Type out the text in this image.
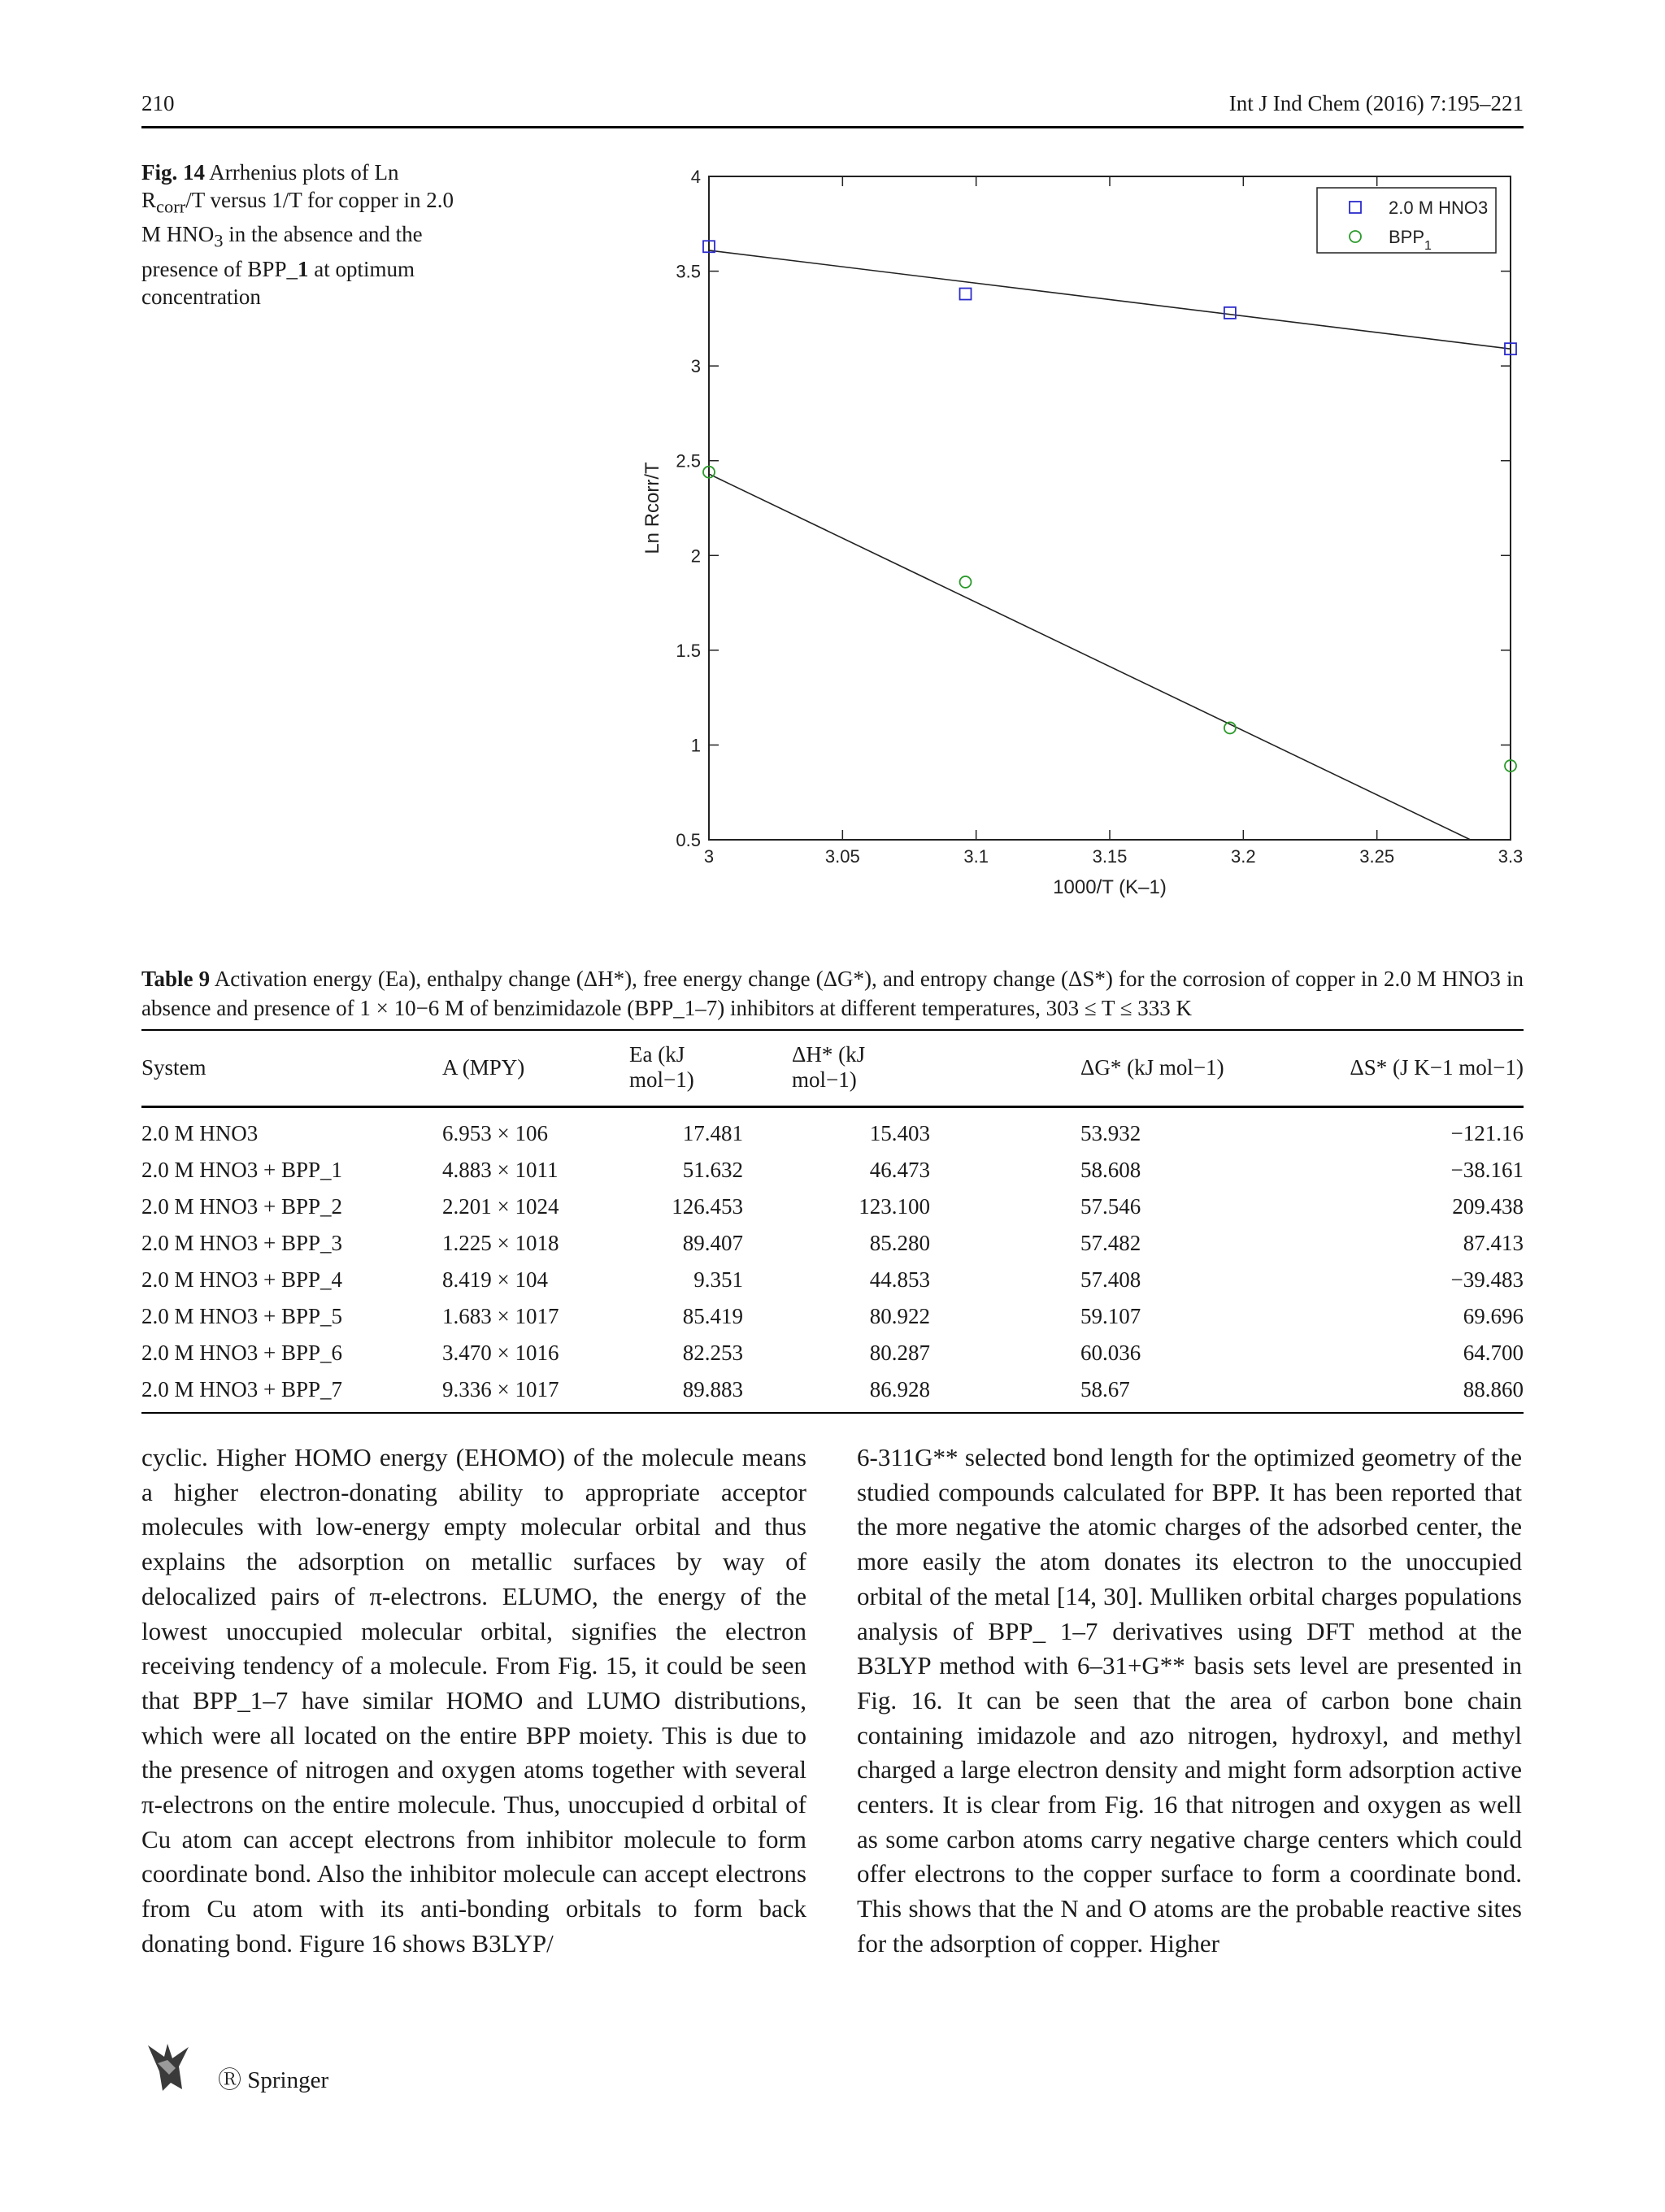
210	Int J Ind Chem (2016) 7:195–221
Fig. 14 Arrhenius plots of Ln $R_{corr}/T$ versus 1/T for copper in 2.0 M $HNO_3$ in the absence and the presence of BPP_1 at optimum concentration
3	3.05	3.1	3.15	3.2	3.25	3.3
0.5
1
1.5
2
2.5
3
3.5
4
1000/T (K–1)
Ln Rcorr/T
2.0 M HNO3
$BPP_1$
Table 9 Activation energy (Ea), enthalpy change (ΔH*), free energy change (ΔG*), and entropy change (ΔS*) for the corrosion of copper in 2.0 M HNO3 in absence and presence of 1 × 10−6 M of benzimidazole (BPP_1–7) inhibitors at different temperatures, 303 ≤ T ≤ 333 K
System	A (MPY)	Ea (kJ mol−1)		ΔH* (kJ mol−1)		ΔG* (kJ mol−1)	ΔS* (J K−1 mol−1)
2.0 M HNO3	6.953 × 106	17.481		15.403		53.932	−121.16
2.0 M HNO3 + BPP_1	4.883 × 1011	51.632		46.473		58.608	−38.161
2.0 M HNO3 + BPP_2	2.201 × 1024	126.453		123.100		57.546	209.438
2.0 M HNO3 + BPP_3	1.225 × 1018	89.407		85.280		57.482	87.413
2.0 M HNO3 + BPP_4	8.419 × 104	9.351		44.853		57.408	−39.483
2.0 M HNO3 + BPP_5	1.683 × 1017	85.419		80.922		59.107	69.696
2.0 M HNO3 + BPP_6	3.470 × 1016	82.253		80.287		60.036	64.700
2.0 M HNO3 + BPP_7	9.336 × 1017	89.883		86.928		58.67	88.860
cyclic. Higher HOMO energy (EHOMO) of the molecule means a higher electron-donating ability to appropriate acceptor molecules with low-energy empty molecular orbital and thus explains the adsorption on metallic surfaces by way of delocalized pairs of π-electrons. ELUMO, the energy of the lowest unoccupied molecular orbital, signifies the electron receiving tendency of a molecule. From Fig. 15, it could be seen that BPP_1–7 have similar HOMO and LUMO distributions, which were all located on the entire BPP moiety. This is due to the presence of nitrogen and oxygen atoms together with several π-electrons on the entire molecule. Thus, unoccupied d orbital of Cu atom can accept electrons from inhibitor molecule to form coordinate bond. Also the inhibitor molecule can accept electrons from Cu atom with its anti-bonding orbitals to form back donating bond. Figure 16 shows B3LYP/
6-311G** selected bond length for the optimized geometry of the studied compounds calculated for BPP. It has been reported that the more negative the atomic charges of the adsorbed center, the more easily the atom donates its electron to the unoccupied orbital of the metal [14, 30]. Mulliken orbital charges populations analysis of BPP_ 1–7 derivatives using DFT method at the B3LYP method with 6–31+G** basis sets level are presented in Fig. 16. It can be seen that the area of carbon bone chain containing imidazole and azo nitrogen, hydroxyl, and methyl charged a large electron density and might form adsorption active centers. It is clear from Fig. 16 that nitrogen and oxygen as well as some carbon atoms carry negative charge centers which could offer electrons to the copper surface to form a coordinate bond. This shows that the N and O atoms are the probable reactive sites for the adsorption of copper. Higher
Ⓡ Springer
